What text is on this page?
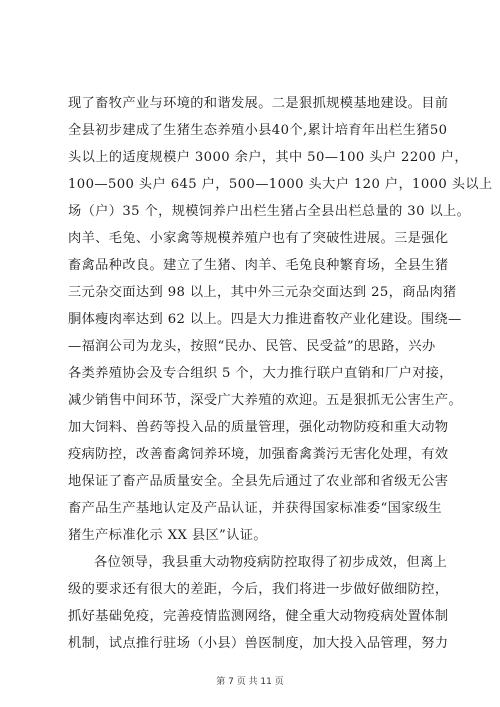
现了畜牧产业与环境的和谐发展。二是狠抓规模基地建设。目前
全县初步建成了生猪生态养殖小县40个,累计培育年出栏生猪50
头以上的适度规模户 3000 余户，其中 50—100 头户 2200 户，
100—500 头户 645 户，500—1000 头大户 120 户，1000 头以上
场（户）35 个，规模饲养户出栏生猪占全县出栏总量的 30 以上。
肉羊、毛兔、小家禽等规模养殖户也有了突破性进展。三是强化
畜禽品种改良。建立了生猪、肉羊、毛兔良种繁育场，全县生猪
三元杂交面达到 98 以上，其中外三元杂交面达到 25，商品肉猪
胴体瘦肉率达到 62 以上。四是大力推进畜牧产业化建设。围绕—
—福润公司为龙头，按照“民办、民管、民受益”的思路，兴办
各类养殖协会及专合组织 5 个，大力推行联户直销和厂户对接，
减少销售中间环节，深受广大养殖的欢迎。五是狠抓无公害生产。
加大饲料、兽药等投入品的质量管理，强化动物防疫和重大动物
疫病防控，改善畜禽饲养环境，加强畜禽粪污无害化处理，有效
地保证了畜产品质量安全。全县先后通过了农业部和省级无公害
畜产品生产基地认定及产品认证，并获得国家标准委“国家级生
猪生产标准化示 XX 县区”认证。
各位领导，我县重大动物疫病防控取得了初步成效，但离上
级的要求还有很大的差距，今后，我们将进一步做好做细防控，
抓好基础免疫，完善疫情监测网络，健全重大动物疫病处置体制
机制，试点推行驻场（小县）兽医制度，加大投入品管理，努力
第 7 页 共 11 页
